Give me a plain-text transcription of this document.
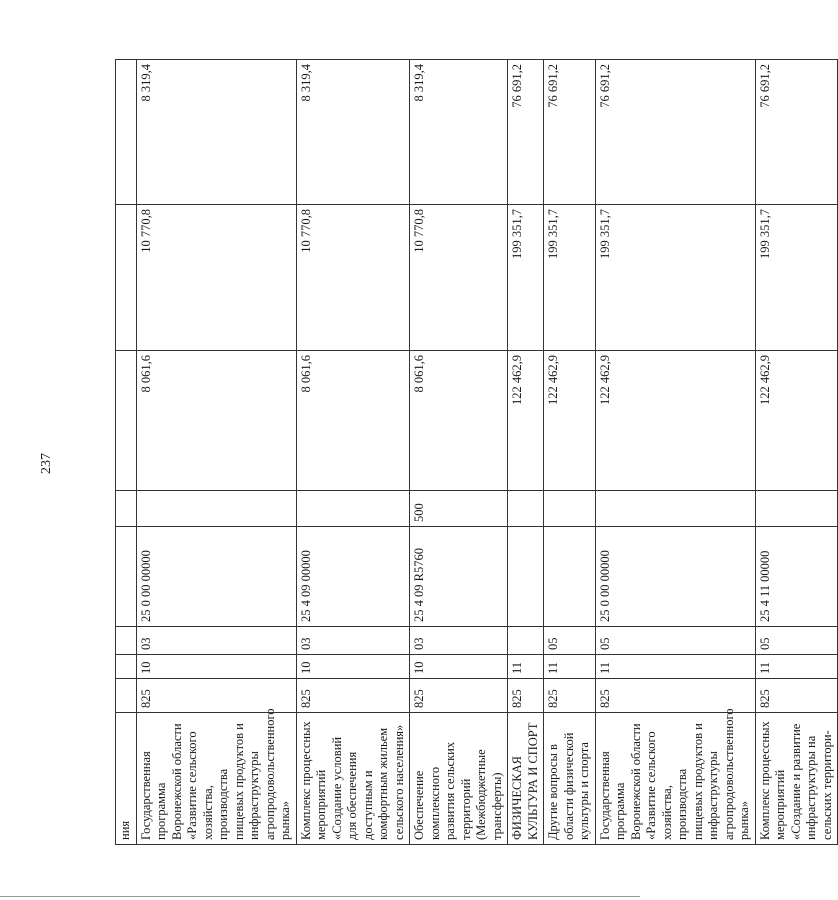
237
ния								
Государственная программа Воронежской области «Развитие сельского хозяйства, производства пищевых продуктов и инфраструктуры агропродовольственного рынка»	825	10	03	25 0 00 00000		8 061,6	10 770,8	8 319,4
Комплекс процессных мероприятий «Создание условий для обеспечения доступным и комфортным жильем сельского населения»	825	10	03	25 4 09 00000		8 061,6	10 770,8	8 319,4
Обеспечение комплексного развития сельских территорий (Межбюджетные трансферты)	825	10	03	25 4 09 R5760	500	8 061,6	10 770,8	8 319,4
ФИЗИЧЕСКАЯ КУЛЬТУРА И СПОРТ	825	11				122 462,9	199 351,7	76 691,2
Другие вопросы в области физической культуры и спорта	825	11	05			122 462,9	199 351,7	76 691,2
Государственная программа Воронежской области «Развитие сельского хозяйства, производства пищевых продуктов и инфраструктуры агропродовольственного рынка»	825	11	05	25 0 00 00000		122 462,9	199 351,7	76 691,2
Комплекс процессных мероприятий «Создание и развитие инфраструктуры на сельских территори-	825	11	05	25 4 11 00000		122 462,9	199 351,7	76 691,2
